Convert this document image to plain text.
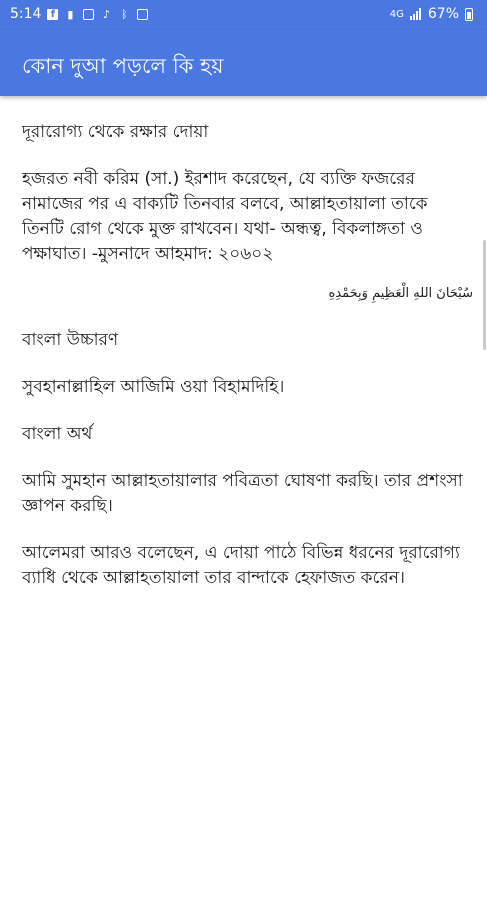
5:14 f	▮	♪ ᛒ	4G 67%
কোন দুআ পড়লে কি হয়

দূরারোগ্য থেকে রক্ষার দোয়া

হজরত নবী করিম (সা.) ইরশাদ করেছেন, যে ব্যক্তি ফজরের নামাজের পর এ বাক্যটি তিনবার বলবে, আল্লাহতায়ালা তাকে তিনটি রোগ থেকে মুক্ত রাখবেন। যথা- অন্ধত্ব, বিকলাঙ্গতা ও পক্ষাঘাত। -মুসনাদে আহমাদ: ২০৬০২

سُبْحَانَ اللهِ الْعَظِيمِ وَبِحَمْدِهِ

বাংলা উচ্চারণ

সুবহানাল্লাহিল আজিমি ওয়া বিহামদিহি।

বাংলা অর্থ

আমি সুমহান আল্লাহতায়ালার পবিত্রতা ঘোষণা করছি। তার প্রশংসা জ্ঞাপন করছি।

আলেমরা আরও বলেছেন, এ দোয়া পাঠে বিভিন্ন ধরনের দূরারোগ্য ব্যাধি থেকে আল্লাহতায়ালা তার বান্দাকে হেফাজত করেন।
